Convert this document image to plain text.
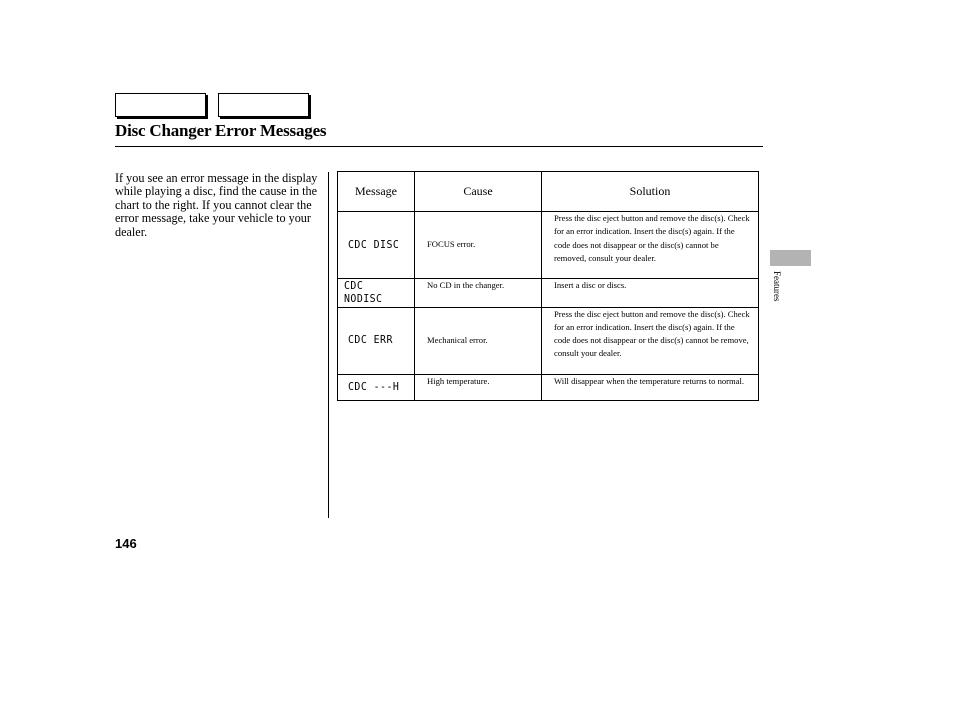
Disc Changer Error Messages
If you see an error message in the display while playing a disc, find the cause in the chart to the right. If you cannot clear the error message, take your vehicle to your dealer.
Message	Cause	Solution
CDC DISC	FOCUS error.	Press the disc eject button and remove the disc(s). Check for an error indication. Insert the disc(s) again. If the code does not disappear or the disc(s) cannot be removed, consult your dealer.
CDC NODISC	No CD in the changer.	Insert a disc or discs.
CDC ERR	Mechanical error.	Press the disc eject button and remove the disc(s). Check for an error indication. Insert the disc(s) again. If the code does not disappear or the disc(s) cannot be remove, consult your dealer.
CDC ---H	High temperature.	Will disappear when the temperature returns to normal.
Features
146
